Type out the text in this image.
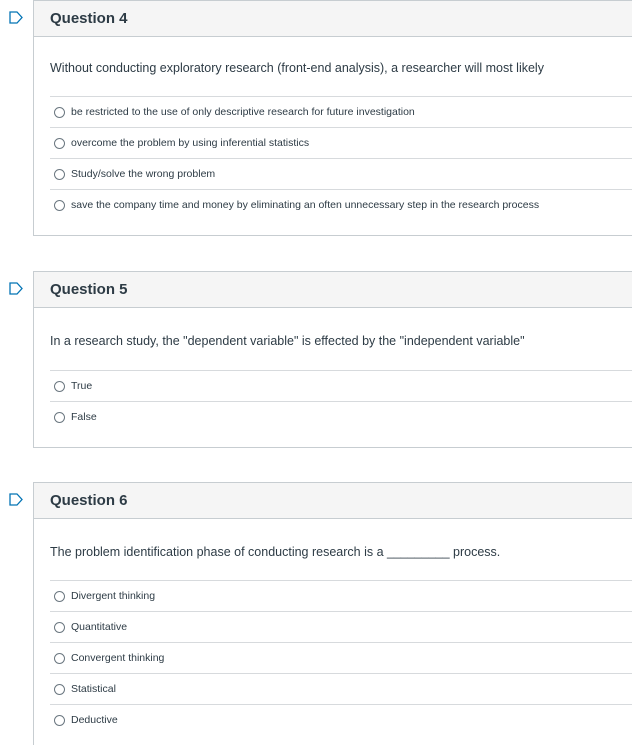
Question 4
Without conducting exploratory research (front-end analysis), a researcher will most likely
be restricted to the use of only descriptive research for future investigation
overcome the problem by using inferential statistics
Study/solve the wrong problem
save the company time and money by eliminating an often unnecessary step in the research process
Question 5
In a research study, the "dependent variable" is effected by the "independent variable"
True
False
Question 6
The problem identification phase of conducting research is a _________ process.
Divergent thinking
Quantitative
Convergent thinking
Statistical
Deductive
